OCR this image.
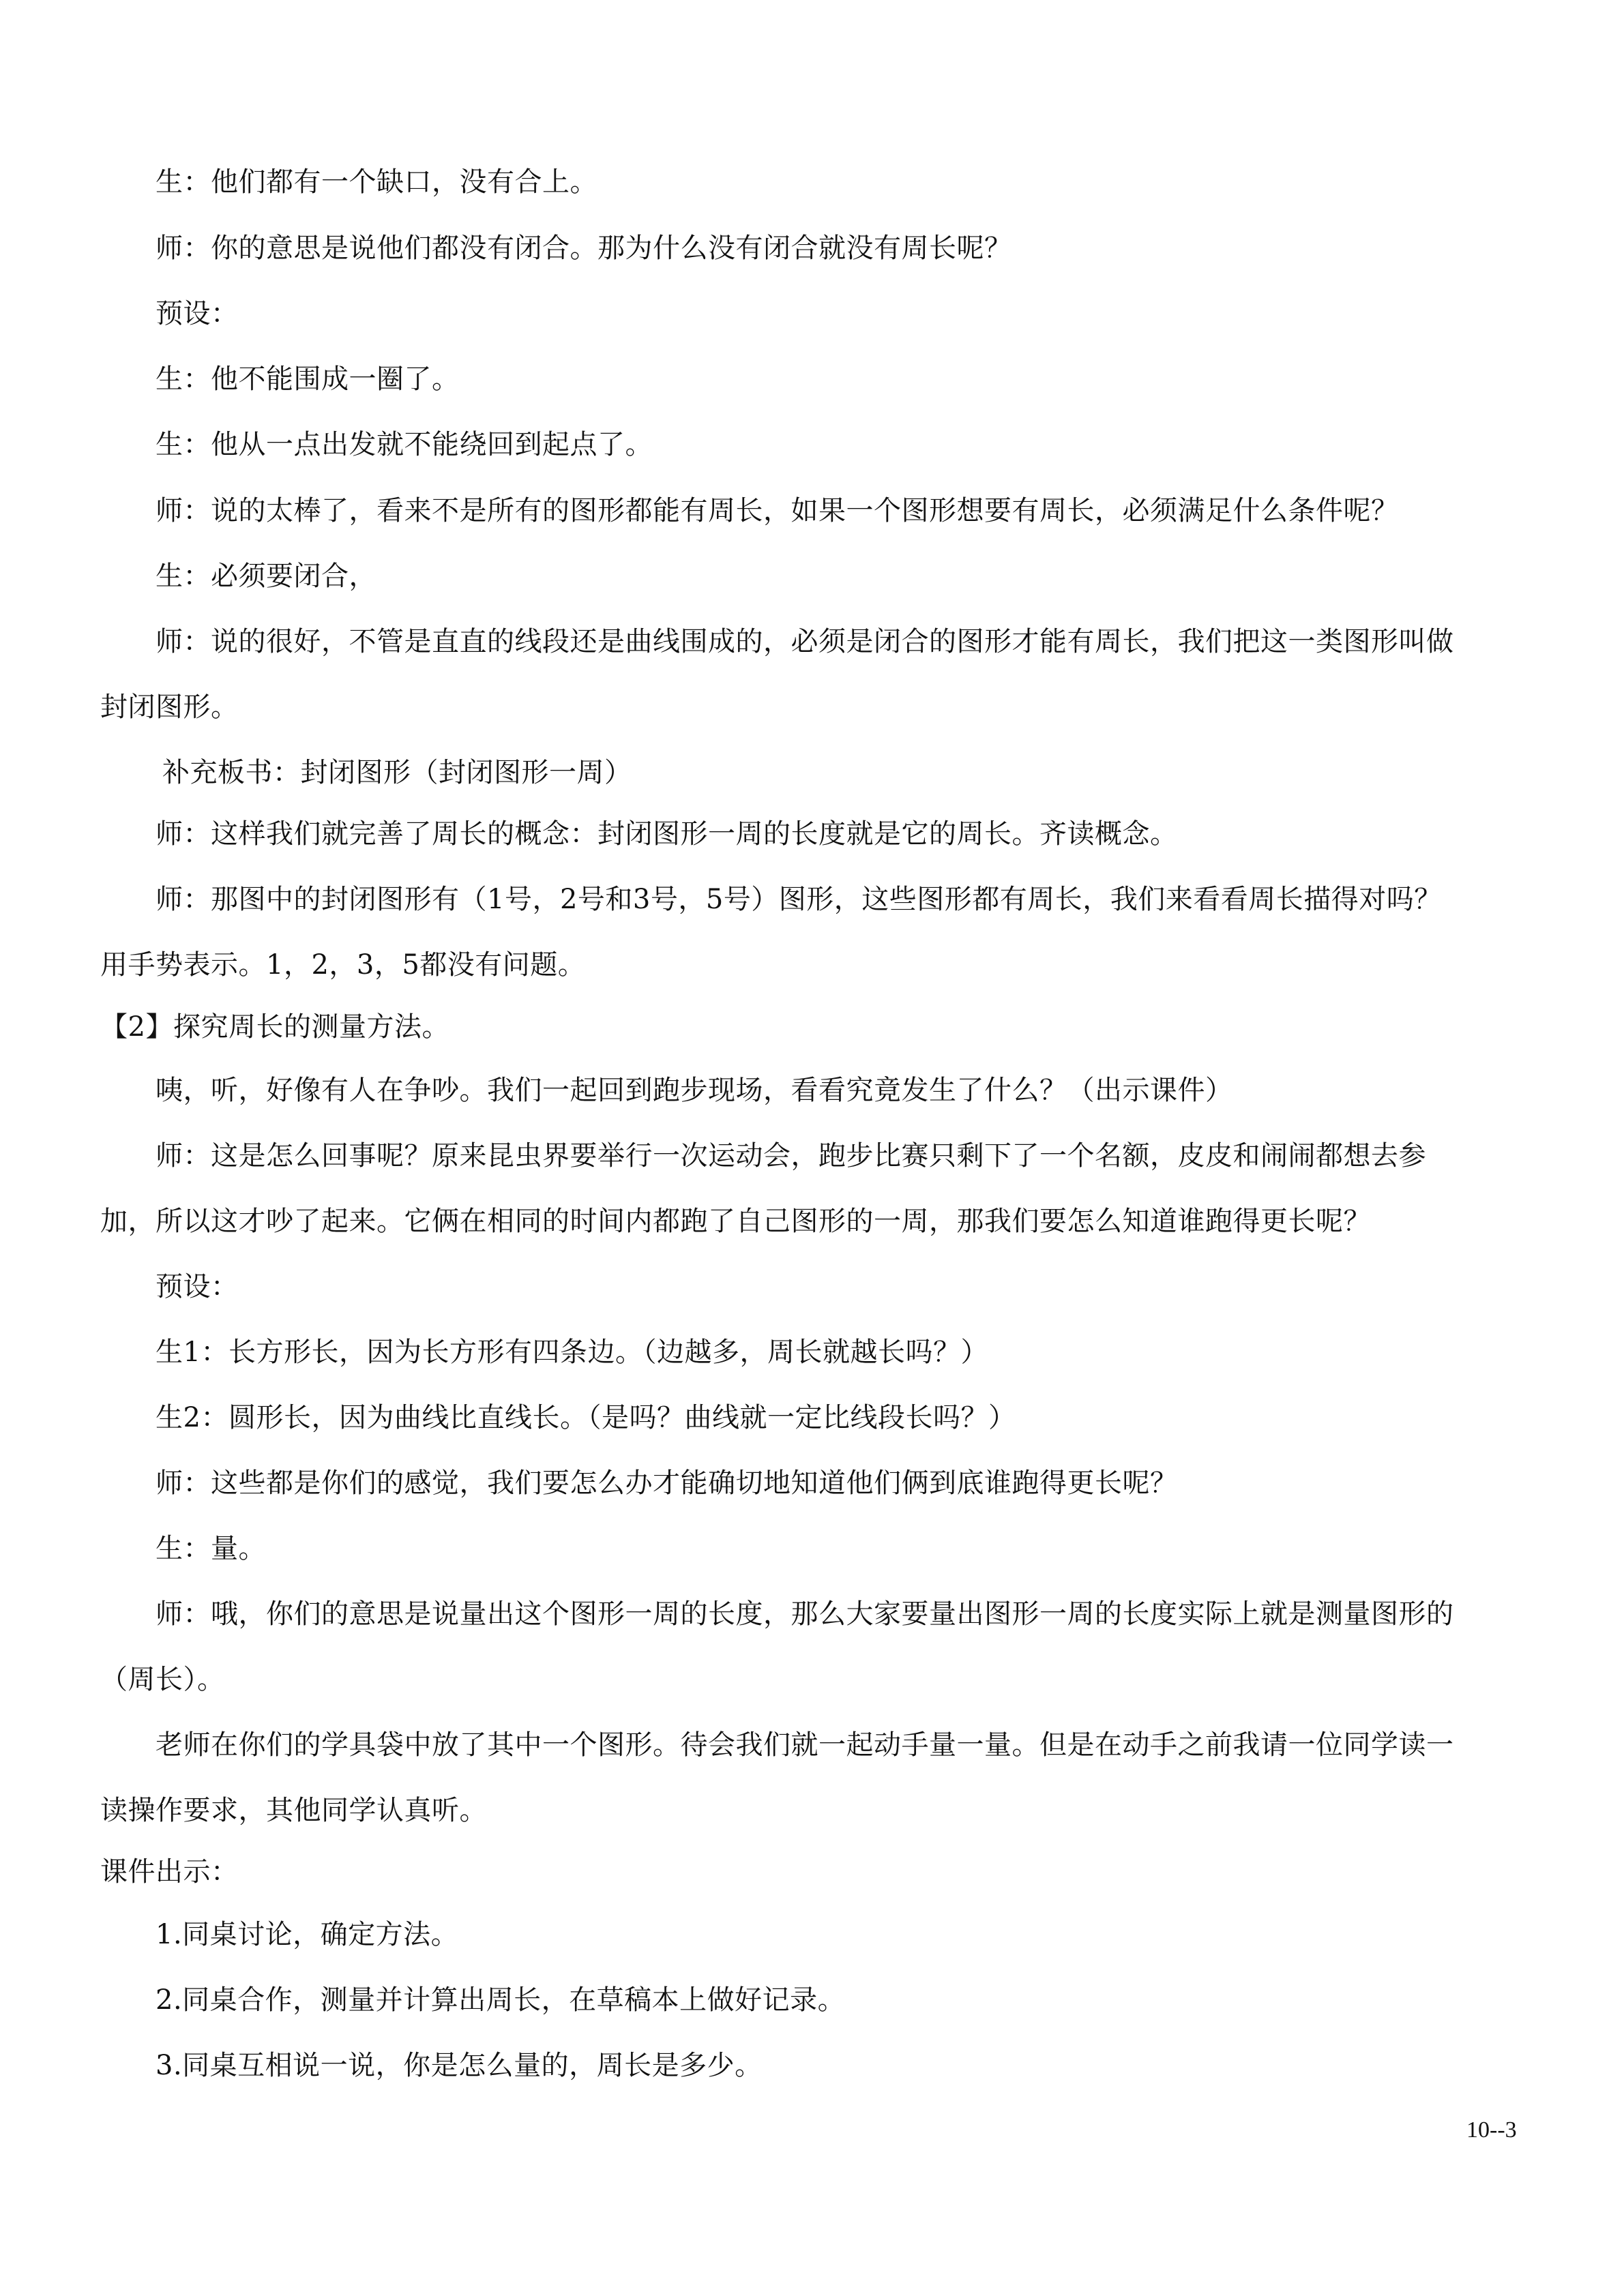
生：他们都有一个缺口，没有合上。
师：你的意思是说他们都没有闭合。那为什么没有闭合就没有周长呢？
预设：
生：他不能围成一圈了。
生：他从一点出发就不能绕回到起点了。
师：说的太棒了，看来不是所有的图形都能有周长，如果一个图形想要有周长，必须满足什么条件呢？
生：必须要闭合，
师：说的很好，不管是直直的线段还是曲线围成的，必须是闭合的图形才能有周长，我们把这一类图形叫做
封闭图形。
补充板书：封闭图形（封闭图形一周）
师：这样我们就完善了周长的概念：封闭图形一周的长度就是它的周长。齐读概念。
师：那图中的封闭图形有（1号，2号和3号，5号）图形，这些图形都有周长，我们来看看周长描得对吗？
用手势表示。1，2，3，5都没有问题。
【2】探究周长的测量方法。
咦，听，好像有人在争吵。我们一起回到跑步现场，看看究竟发生了什么？（出示课件）
师：这是怎么回事呢？原来昆虫界要举行一次运动会，跑步比赛只剩下了一个名额，皮皮和闹闹都想去参
加，所以这才吵了起来。它俩在相同的时间内都跑了自己图形的一周，那我们要怎么知道谁跑得更长呢？
预设：
生1：长方形长，因为长方形有四条边。（边越多，周长就越长吗？）
生2：圆形长，因为曲线比直线长。（是吗？曲线就一定比线段长吗？）
师：这些都是你们的感觉，我们要怎么办才能确切地知道他们俩到底谁跑得更长呢？
生：量。
师：哦，你们的意思是说量出这个图形一周的长度，那么大家要量出图形一周的长度实际上就是测量图形的
（周长）。
老师在你们的学具袋中放了其中一个图形。待会我们就一起动手量一量。但是在动手之前我请一位同学读一
读操作要求，其他同学认真听。
课件出示：
1.同桌讨论，确定方法。
2.同桌合作，测量并计算出周长，在草稿本上做好记录。
3.同桌互相说一说，你是怎么量的，周长是多少。
10--3
